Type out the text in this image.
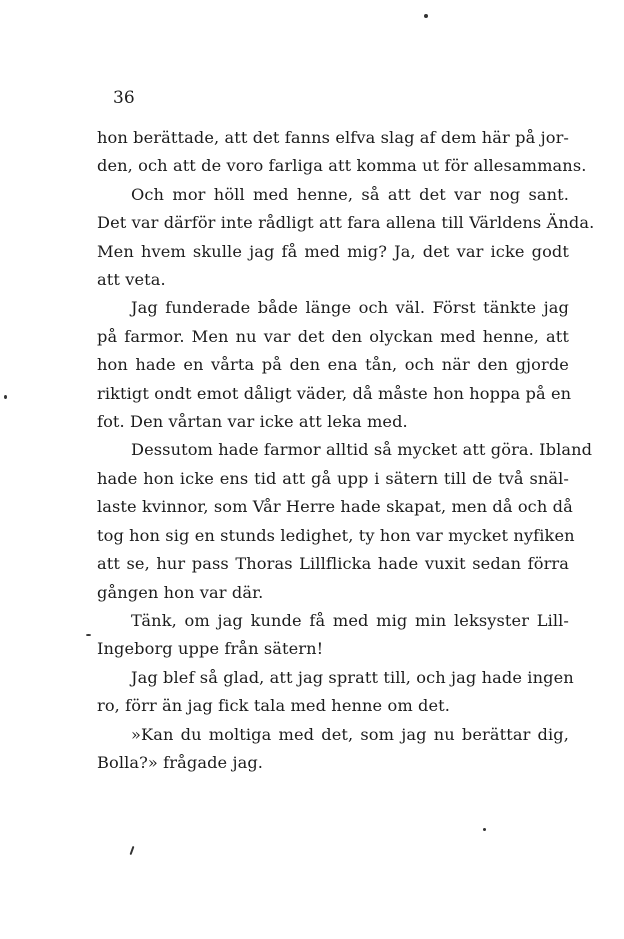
36

hon berättade, att det fanns elfva slag af dem här på jor-
den, och att de voro farliga att komma ut för allesammans.

Och mor höll med henne, så att det var nog sant.
Det var därför inte rådligt att fara allena till Världens Ända.
Men hvem skulle jag få med mig? Ja, det var icke godt
att veta.

Jag funderade både länge och väl. Först tänkte jag
på farmor. Men nu var det den olyckan med henne, att
hon hade en vårta på den ena tån, och när den gjorde
riktigt ondt emot dåligt väder, då måste hon hoppa på en
fot. Den vårtan var icke att leka med.

Dessutom hade farmor alltid så mycket att göra. Ibland
hade hon icke ens tid att gå upp i sätern till de två snäl-
laste kvinnor, som Vår Herre hade skapat, men då och då
tog hon sig en stunds ledighet, ty hon var mycket nyfiken
att se, hur pass Thoras Lillflicka hade vuxit sedan förra
gången hon var där.

Tänk, om jag kunde få med mig min leksyster Lill-
Ingeborg uppe från sätern!

Jag blef så glad, att jag spratt till, och jag hade ingen
ro, förr än jag fick tala med henne om det.

»Kan du moltiga med det, som jag nu berättar dig,
Bolla?» frågade jag.
